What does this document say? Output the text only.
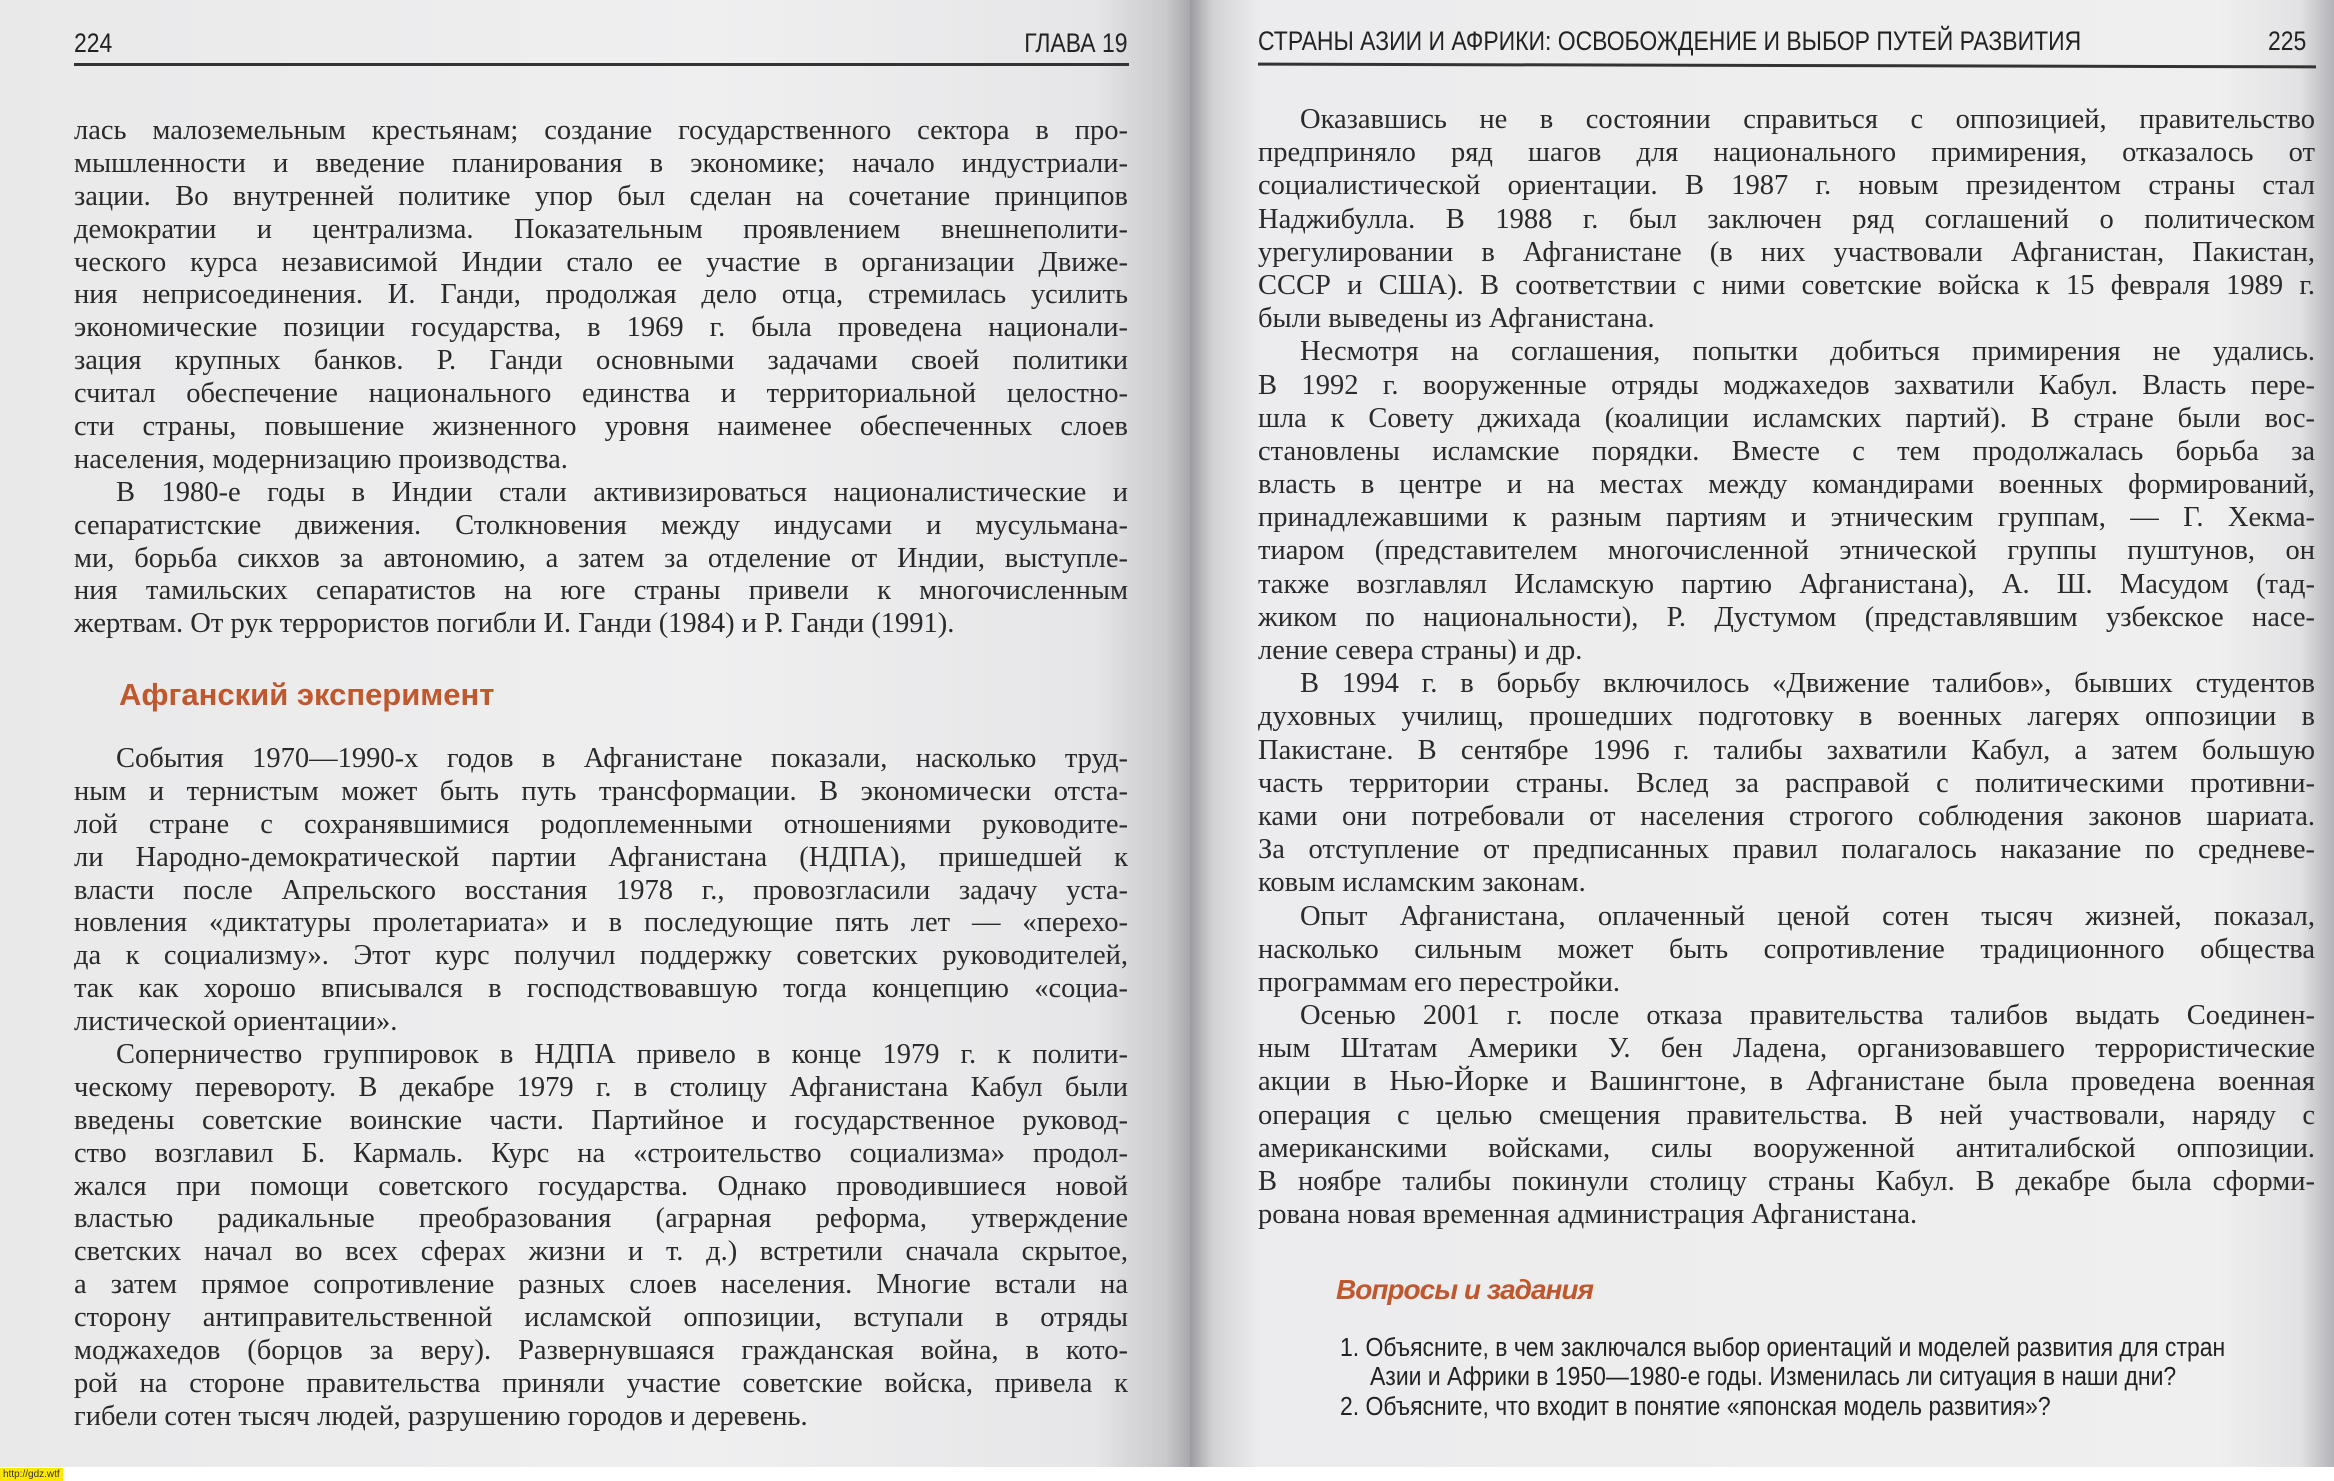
224	ГЛАВА 19
лась малоземельным крестьянам; создание государственного сектора в про-
мышленности и введение планирования в экономике; начало индустриали-
зации. Во внутренней политике упор был сделан на сочетание принципов
демократии и централизма. Показательным проявлением внешнеполити-
ческого курса независимой Индии стало ее участие в организации Движе-
ния неприсоединения. И. Ганди, продолжая дело отца, стремилась усилить
экономические позиции государства, в 1969 г. была проведена национали-
зация крупных банков. Р. Ганди основными задачами своей политики
считал обеспечение национального единства и территориальной целостно-
сти страны, повышение жизненного уровня наименее обеспеченных слоев
населения, модернизацию производства.
В 1980-е годы в Индии стали активизироваться националистические и
сепаратистские движения. Столкновения между индусами и мусульмана-
ми, борьба сикхов за автономию, а затем за отделение от Индии, выступле-
ния тамильских сепаратистов на юге страны привели к многочисленным
жертвам. От рук террористов погибли И. Ганди (1984) и Р. Ганди (1991).
Афганский эксперимент
События 1970—1990-х годов в Афганистане показали, насколько труд-
ным и тернистым может быть путь трансформации. В экономически отста-
лой стране с сохранявшимися родоплеменными отношениями руководите-
ли Народно-демократической партии Афганистана (НДПА), пришедшей к
власти после Апрельского восстания 1978 г., провозгласили задачу уста-
новления «диктатуры пролетариата» и в последующие пять лет — «перехо-
да к социализму». Этот курс получил поддержку советских руководителей,
так как хорошо вписывался в господствовавшую тогда концепцию «социа-
листической ориентации».
Соперничество группировок в НДПА привело в конце 1979 г. к полити-
ческому перевороту. В декабре 1979 г. в столицу Афганистана Кабул были
введены советские воинские части. Партийное и государственное руковод-
ство возглавил Б. Кармаль. Курс на «строительство социализма» продол-
жался при помощи советского государства. Однако проводившиеся новой
властью радикальные преобразования (аграрная реформа, утверждение
светских начал во всех сферах жизни и т. д.) встретили сначала скрытое,
а затем прямое сопротивление разных слоев населения. Многие встали на
сторону антиправительственной исламской оппозиции, вступали в отряды
моджахедов (борцов за веру). Развернувшаяся гражданская война, в кото-
рой на стороне правительства приняли участие советские войска, привела к
гибели сотен тысяч людей, разрушению городов и деревень.
СТРАНЫ АЗИИ И АФРИКИ: ОСВОБОЖДЕНИЕ И ВЫБОР ПУТЕЙ РАЗВИТИЯ	225
Оказавшись не в состоянии справиться с оппозицией, правительство
предприняло ряд шагов для национального примирения, отказалось от
социалистической ориентации. В 1987 г. новым президентом страны стал
Наджибулла. В 1988 г. был заключен ряд соглашений о политическом
урегулировании в Афганистане (в них участвовали Афганистан, Пакистан,
СССР и США). В соответствии с ними советские войска к 15 февраля 1989 г.
были выведены из Афганистана.
Несмотря на соглашения, попытки добиться примирения не удались.
В 1992 г. вооруженные отряды моджахедов захватили Кабул. Власть пере-
шла к Совету джихада (коалиции исламских партий). В стране были вос-
становлены исламские порядки. Вместе с тем продолжалась борьба за
власть в центре и на местах между командирами военных формирований,
принадлежавшими к разным партиям и этническим группам, — Г. Хекма-
тиаром (представителем многочисленной этнической группы пуштунов, он
также возглавлял Исламскую партию Афганистана), А. Ш. Масудом (тад-
жиком по национальности), Р. Дустумом (представлявшим узбекское насе-
ление севера страны) и др.
В 1994 г. в борьбу включилось «Движение талибов», бывших студентов
духовных училищ, прошедших подготовку в военных лагерях оппозиции в
Пакистане. В сентябре 1996 г. талибы захватили Кабул, а затем большую
часть территории страны. Вслед за расправой с политическими противни-
ками они потребовали от населения строгого соблюдения законов шариата.
За отступление от предписанных правил полагалось наказание по средневе-
ковым исламским законам.
Опыт Афганистана, оплаченный ценой сотен тысяч жизней, показал,
насколько сильным может быть сопротивление традиционного общества
программам его перестройки.
Осенью 2001 г. после отказа правительства талибов выдать Соединен-
ным Штатам Америки У. бен Ладена, организовавшего террористические
акции в Нью-Йорке и Вашингтоне, в Афганистане была проведена военная
операция с целью смещения правительства. В ней участвовали, наряду с
американскими войсками, силы вооруженной антиталибской оппозиции.
В ноябре талибы покинули столицу страны Кабул. В декабре была сформи-
рована новая временная администрация Афганистана.
Вопросы и задания
1. Объясните, в чем заключался выбор ориентаций и моделей развития для стран
Азии и Африки в 1950—1980-е годы. Изменилась ли ситуация в наши дни?
2. Объясните, что входит в понятие «японская модель развития»?
http://gdz.wtf
